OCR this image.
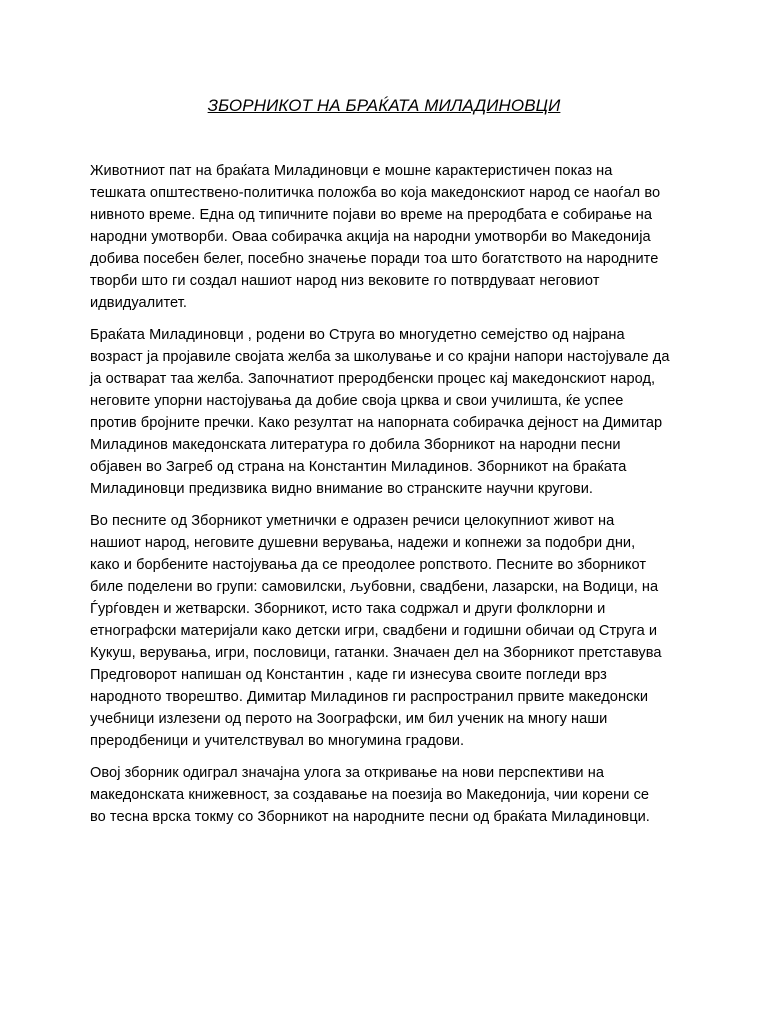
ЗБОРНИКОТ НА БРАЌАТА МИЛАДИНОВЦИ
Животниот пат на браќата Миладиновци е мошне карактеристичен показ на
тешката општествено-политичка положба во која македонскиот народ се наоѓал во
нивното време. Една од типичните појави во време на преродбата е собирање на
народни умотворби. Оваа собирачка акција на народни умотворби во Македонија
добива посебен белег, посебно значење поради тоа што богатството на народните
творби што ги создал нашиот народ низ вековите го потврдуваат неговиот
идвидуалитет.
Браќата Миладиновци , родени во Струга во многудетно семејство од најрана
возраст ја пројавиле својата желба за школување и со крајни напори настојувале да
ја остварат таа желба. Започнатиот преродбенски процес кај македонскиот народ,
неговите упорни настојувања да добие своја црква и свои училишта, ќе успее
против бројните пречки. Како резултат на напорната собирачка дејност на Димитар
Миладинов македонската литература го добила Зборникот на народни песни
објавен во Загреб од страна на Константин Миладинов. Зборникот на браќата
Миладиновци предизвика видно внимание во странските научни кругови.
Во песните од Зборникот уметнички е одразен речиси целокупниот живот на
нашиот народ, неговите душевни верувања, надежи и копнежи за подобри дни,
како и борбените настојувања да се преодолее ропството. Песните во зборникот
биле поделени во групи: самовилски, љубовни, свадбени, лазарски, на Водици, на
Ѓурѓовден и жетварски. Зборникот, исто така содржал и други фолклорни и
етнографски материјали како детски игри, свадбени и годишни обичаи од Струга и
Кукуш, верувања, игри, пословици, гатанки. Значаен дел на Зборникот претставува
Предговорот напишан од Константин , каде ги изнесува своите погледи врз
народното творештво. Димитар Миладинов ги распространил првите македонски
учебници излезени од перото на Зоографски, им бил ученик на многу наши
преродбеници и учителствувал во многумина градови.
Овој зборник одиграл значајна улога за откривање на нови перспективи на
македонската книжевност, за создавање на поезија во Македонија, чии корени се
во тесна врска токму со Зборникот на народните песни од браќата Миладиновци.
